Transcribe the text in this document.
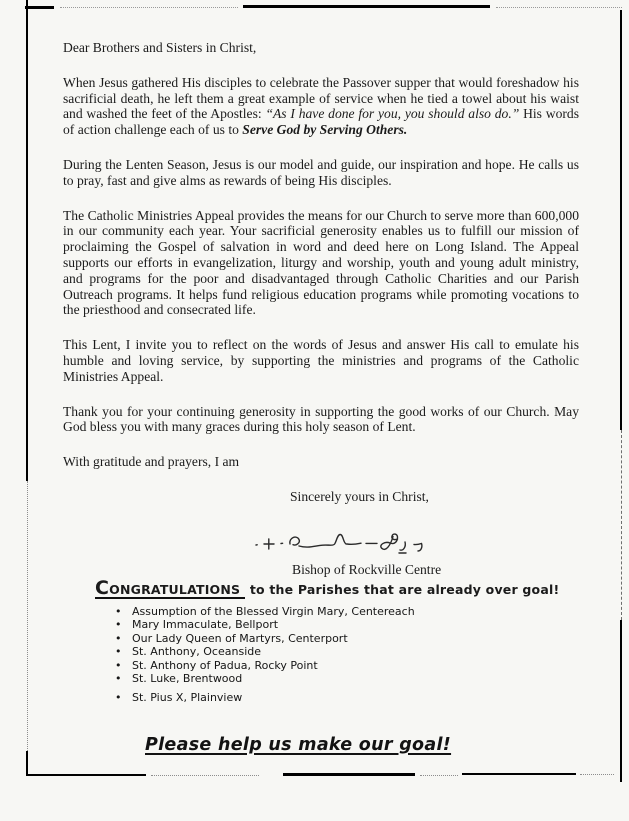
Dear Brothers and Sisters in Christ,

When Jesus gathered His disciples to celebrate the Passover supper that would foreshadow his sacrificial death, he left them a great example of service when he tied a towel about his waist and washed the feet of the Apostles: “As I have done for you, you should also do.” His words of action challenge each of us to Serve God by Serving Others.

During the Lenten Season, Jesus is our model and guide, our inspiration and hope. He calls us to pray, fast and give alms as rewards of being His disciples.

The Catholic Ministries Appeal provides the means for our Church to serve more than 600,000 in our community each year. Your sacrificial generosity enables us to fulfill our mission of proclaiming the Gospel of salvation in word and deed here on Long Island. The Appeal supports our efforts in evangelization, liturgy and worship, youth and young adult ministry, and programs for the poor and disadvantaged through Catholic Charities and our Parish Outreach programs. It helps fund religious education programs while promoting vocations to the priesthood and consecrated life.

This Lent, I invite you to reflect on the words of Jesus and answer His call to emulate his humble and loving service, by supporting the ministries and programs of the Catholic Ministries Appeal.

Thank you for your continuing generosity in supporting the good works of our Church. May God bless you with many graces during this holy season of Lent.

With gratitude and prayers, I am

Sincerely yours in Christ,

Bishop of Rockville Centre

CONGRATULATIONS to the Parishes that are already over goal!
• Assumption of the Blessed Virgin Mary, Centereach
• Mary Immaculate, Bellport
• Our Lady Queen of Martyrs, Centerport
• St. Anthony, Oceanside
• St. Anthony of Padua, Rocky Point
• St. Luke, Brentwood
• St. Pius X, Plainview
Please help us make our goal!
